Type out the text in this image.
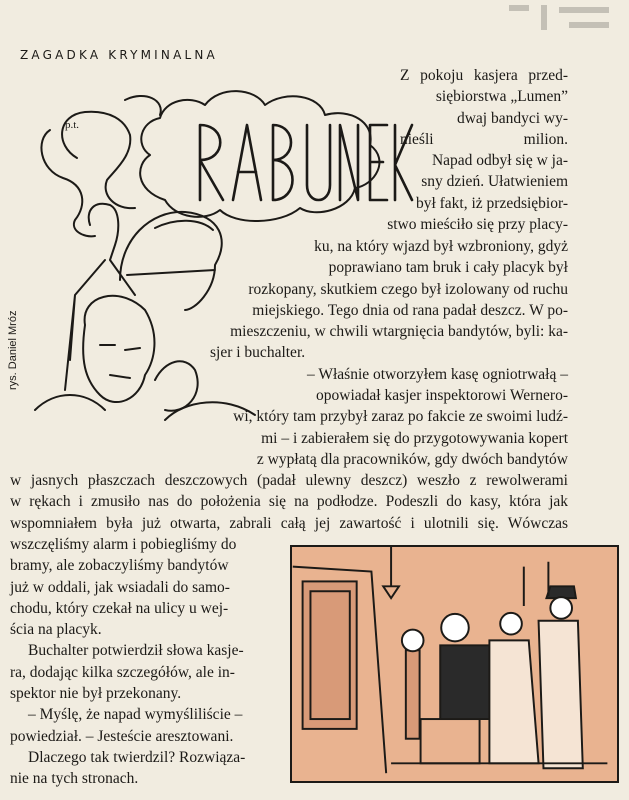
ZAGADKA KRYMINALNA
p.t.
rys. Daniel Mróz
Z pokoju kasjera przed-
siębiorstwa „Lumen”
dwaj bandyci wy-
nieśli milion.
Napad odbył się w ja-
sny dzień. Ułatwieniem
był fakt, iż przedsiębior-
stwo mieściło się przy placy-
ku, na który wjazd był wzbroniony, gdyż
poprawiano tam bruk i cały placyk był
rozkopany, skutkiem czego był izolowany od ruchu
miejskiego. Tego dnia od rana padał deszcz. W po-
mieszczeniu, w chwili wtargnięcia bandytów, byli: ka-
sjer i buchalter.
– Właśnie otworzyłem kasę ogniotrwałą –
opowiadał kasjer inspektorowi Wernero-
wi, który tam przybył zaraz po fakcie ze swoimi ludź-
mi – i zabierałem się do przygotowywania kopert
z wypłatą dla pracowników, gdy dwóch bandytów
w jasnych płaszczach deszczowych (padał ulewny deszcz) weszło z rewolwerami
w rękach i zmusiło nas do położenia się na podłodze. Podeszli do kasy, która jak
wspomniałem była już otwarta, zabrali całą jej zawartość i ulotnili się. Wówczas
wszczęliśmy alarm i pobiegliśmy do
bramy, ale zobaczyliśmy bandytów
już w oddali, jak wsiadali do samo-
chodu, który czekał na ulicy u wej-
ścia na placyk.
Buchalter potwierdził słowa kasje-
ra, dodając kilka szczegółów, ale in-
spektor nie był przekonany.
– Myślę, że napad wymyśliliście –
powiedział. – Jesteście aresztowani.
Dlaczego tak twierdzil? Rozwiąza-
nie na tych stronach.
